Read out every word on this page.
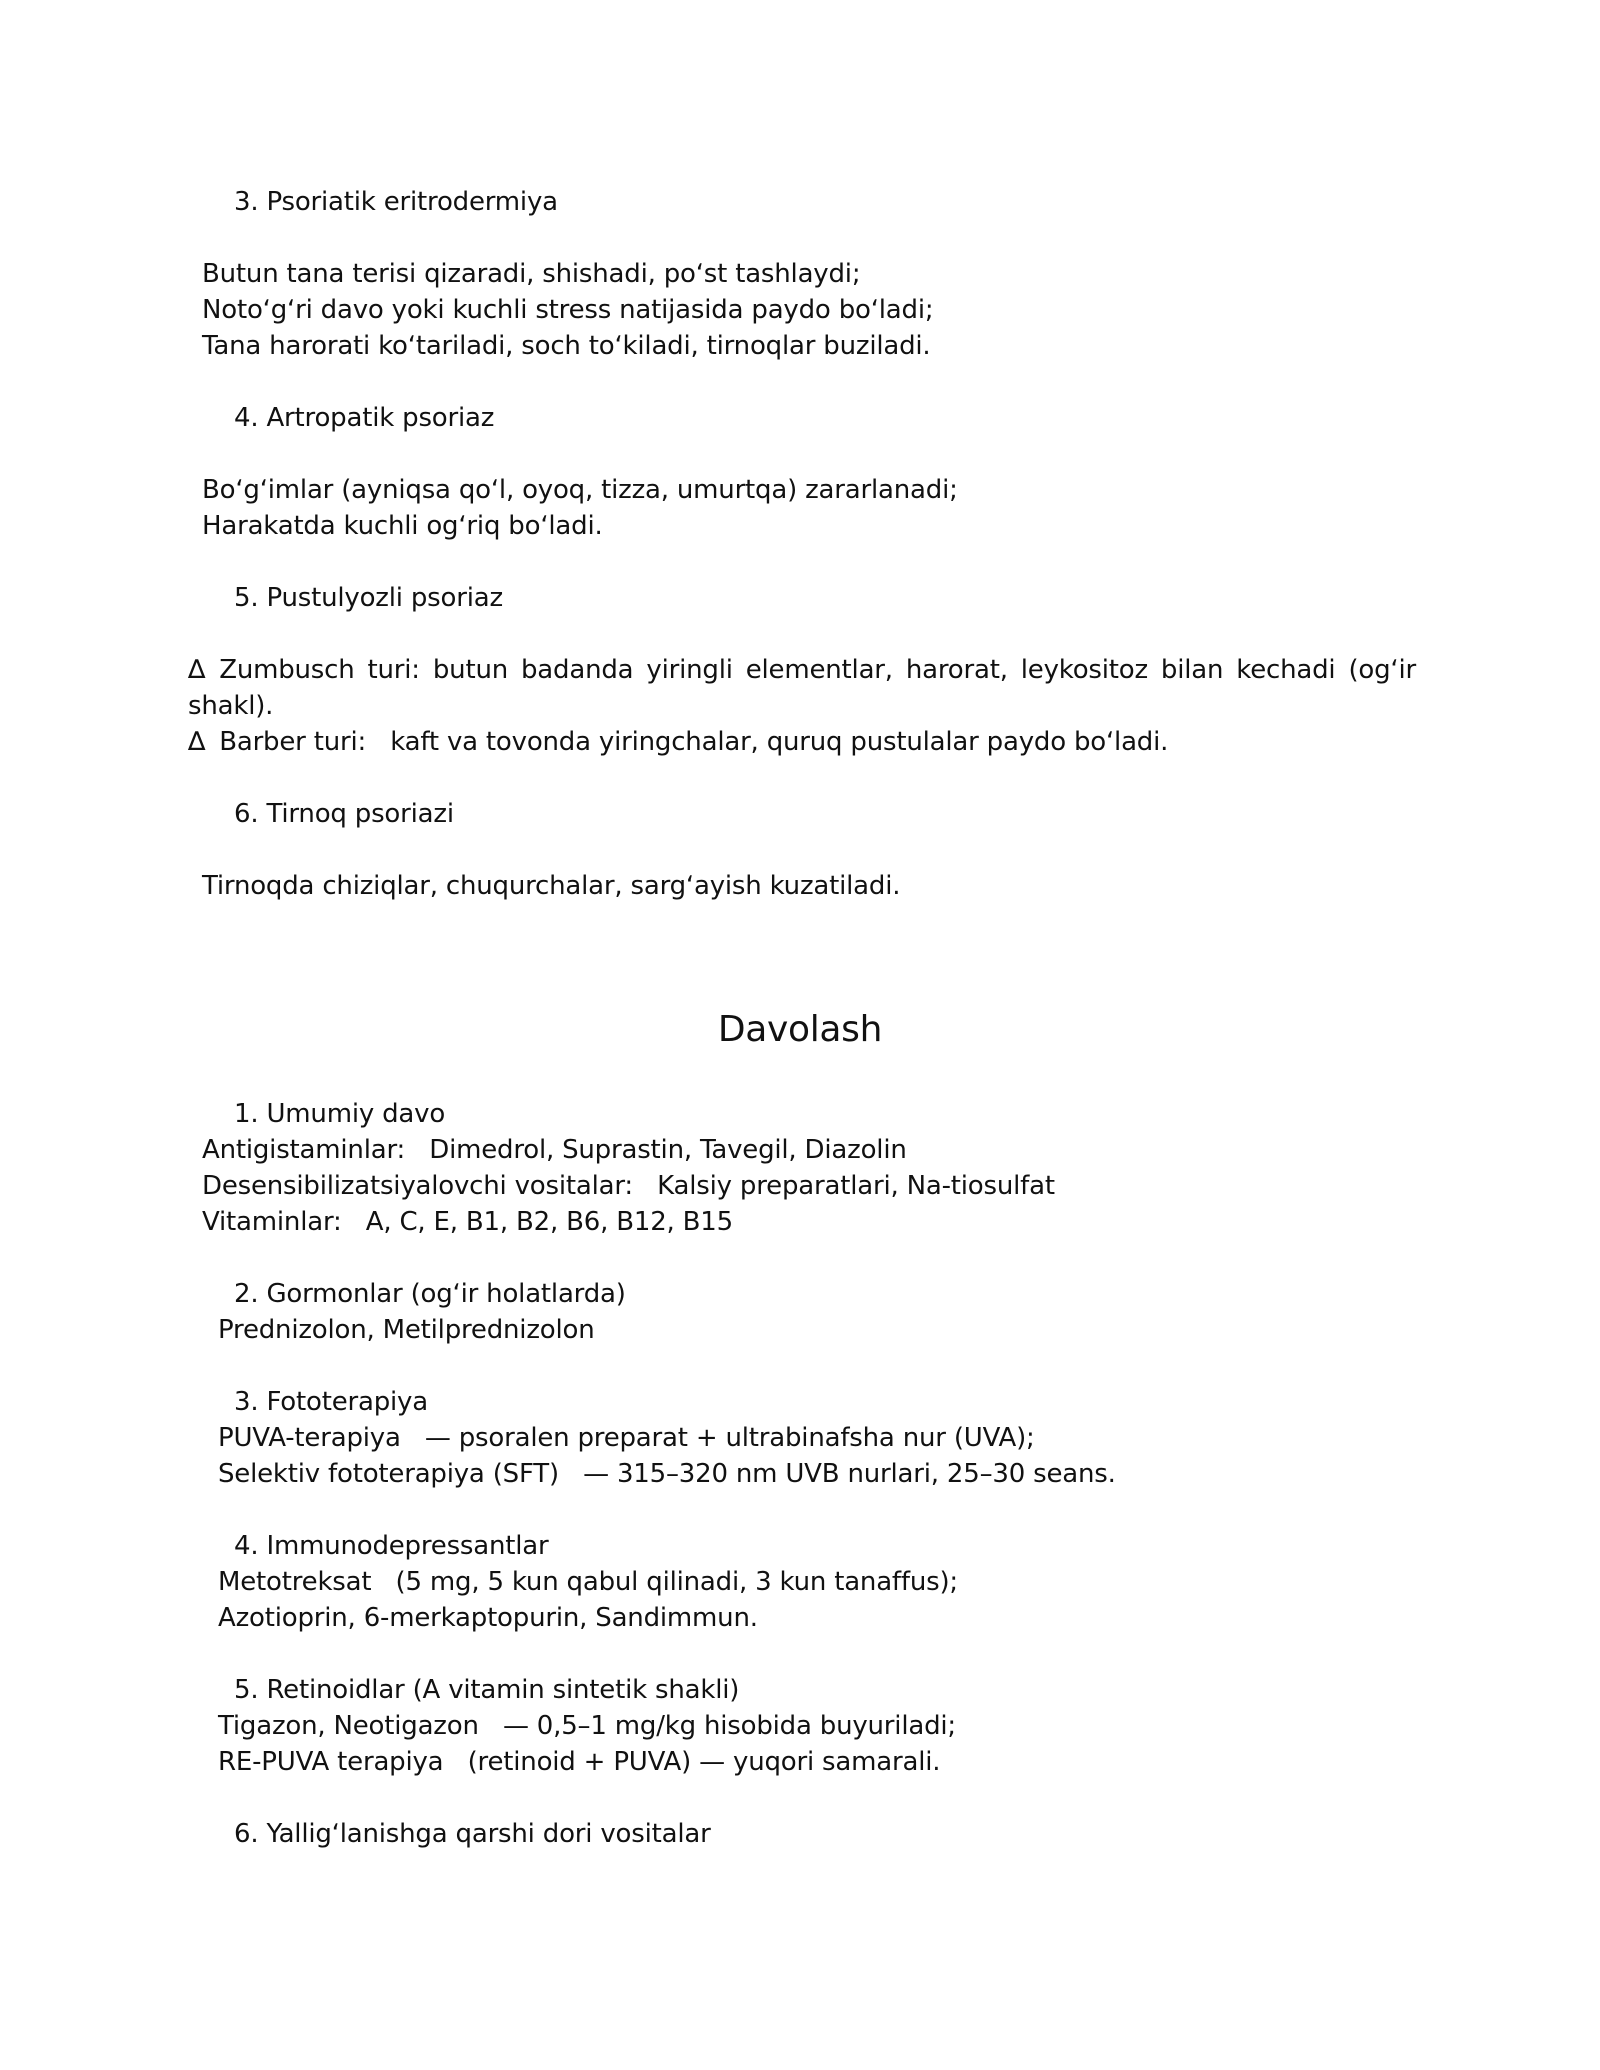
3. Psoriatik eritrodermiya
Butun tana terisi qizaradi, shishadi, poʻst tashlaydi;
Notoʻgʻri davo yoki kuchli stress natijasida paydo boʻladi;
Tana harorati koʻtariladi, soch toʻkiladi, tirnoqlar buziladi.
4. Artropatik psoriaz
Boʻgʻimlar (ayniqsa qoʻl, oyoq, tizza, umurtqa) zararlanadi;
Harakatda kuchli ogʻriq boʻladi.
5. Pustulyozli psoriaz
∆ Zumbusch turi: butun badanda yiringli elementlar, harorat, leykositoz bilan kechadi (ogʻir shakl).
∆ Barber turi:   kaft va tovonda yiringchalar, quruq pustulalar paydo boʻladi.
6. Tirnoq psoriazi
Tirnoqda chiziqlar, chuqurchalar, sargʻayish kuzatiladi.
Davolash
1. Umumiy davo
Antigistaminlar:   Dimedrol, Suprastin, Tavegil, Diazolin
Desensibilizatsiyalovchi vositalar:   Kalsiy preparatlari, Na-tiosulfat
Vitaminlar:   A, C, E, B1, B2, B6, B12, B15
2. Gormonlar (ogʻir holatlarda)
Prednizolon, Metilprednizolon
3. Fototerapiya
PUVA-terapiya   — psoralen preparat + ultrabinafsha nur (UVA);
Selektiv fototerapiya (SFT)   — 315–320 nm UVB nurlari, 25–30 seans.
4. Immunodepressantlar
Metotreksat   (5 mg, 5 kun qabul qilinadi, 3 kun tanaffus);
Azotioprin, 6-merkaptopurin, Sandimmun.
5. Retinoidlar (A vitamin sintetik shakli)
Tigazon, Neotigazon   — 0,5–1 mg/kg hisobida buyuriladi;
RE-PUVA terapiya   (retinoid + PUVA) — yuqori samarali.
6. Yalligʻlanishga qarshi dori vositalar
